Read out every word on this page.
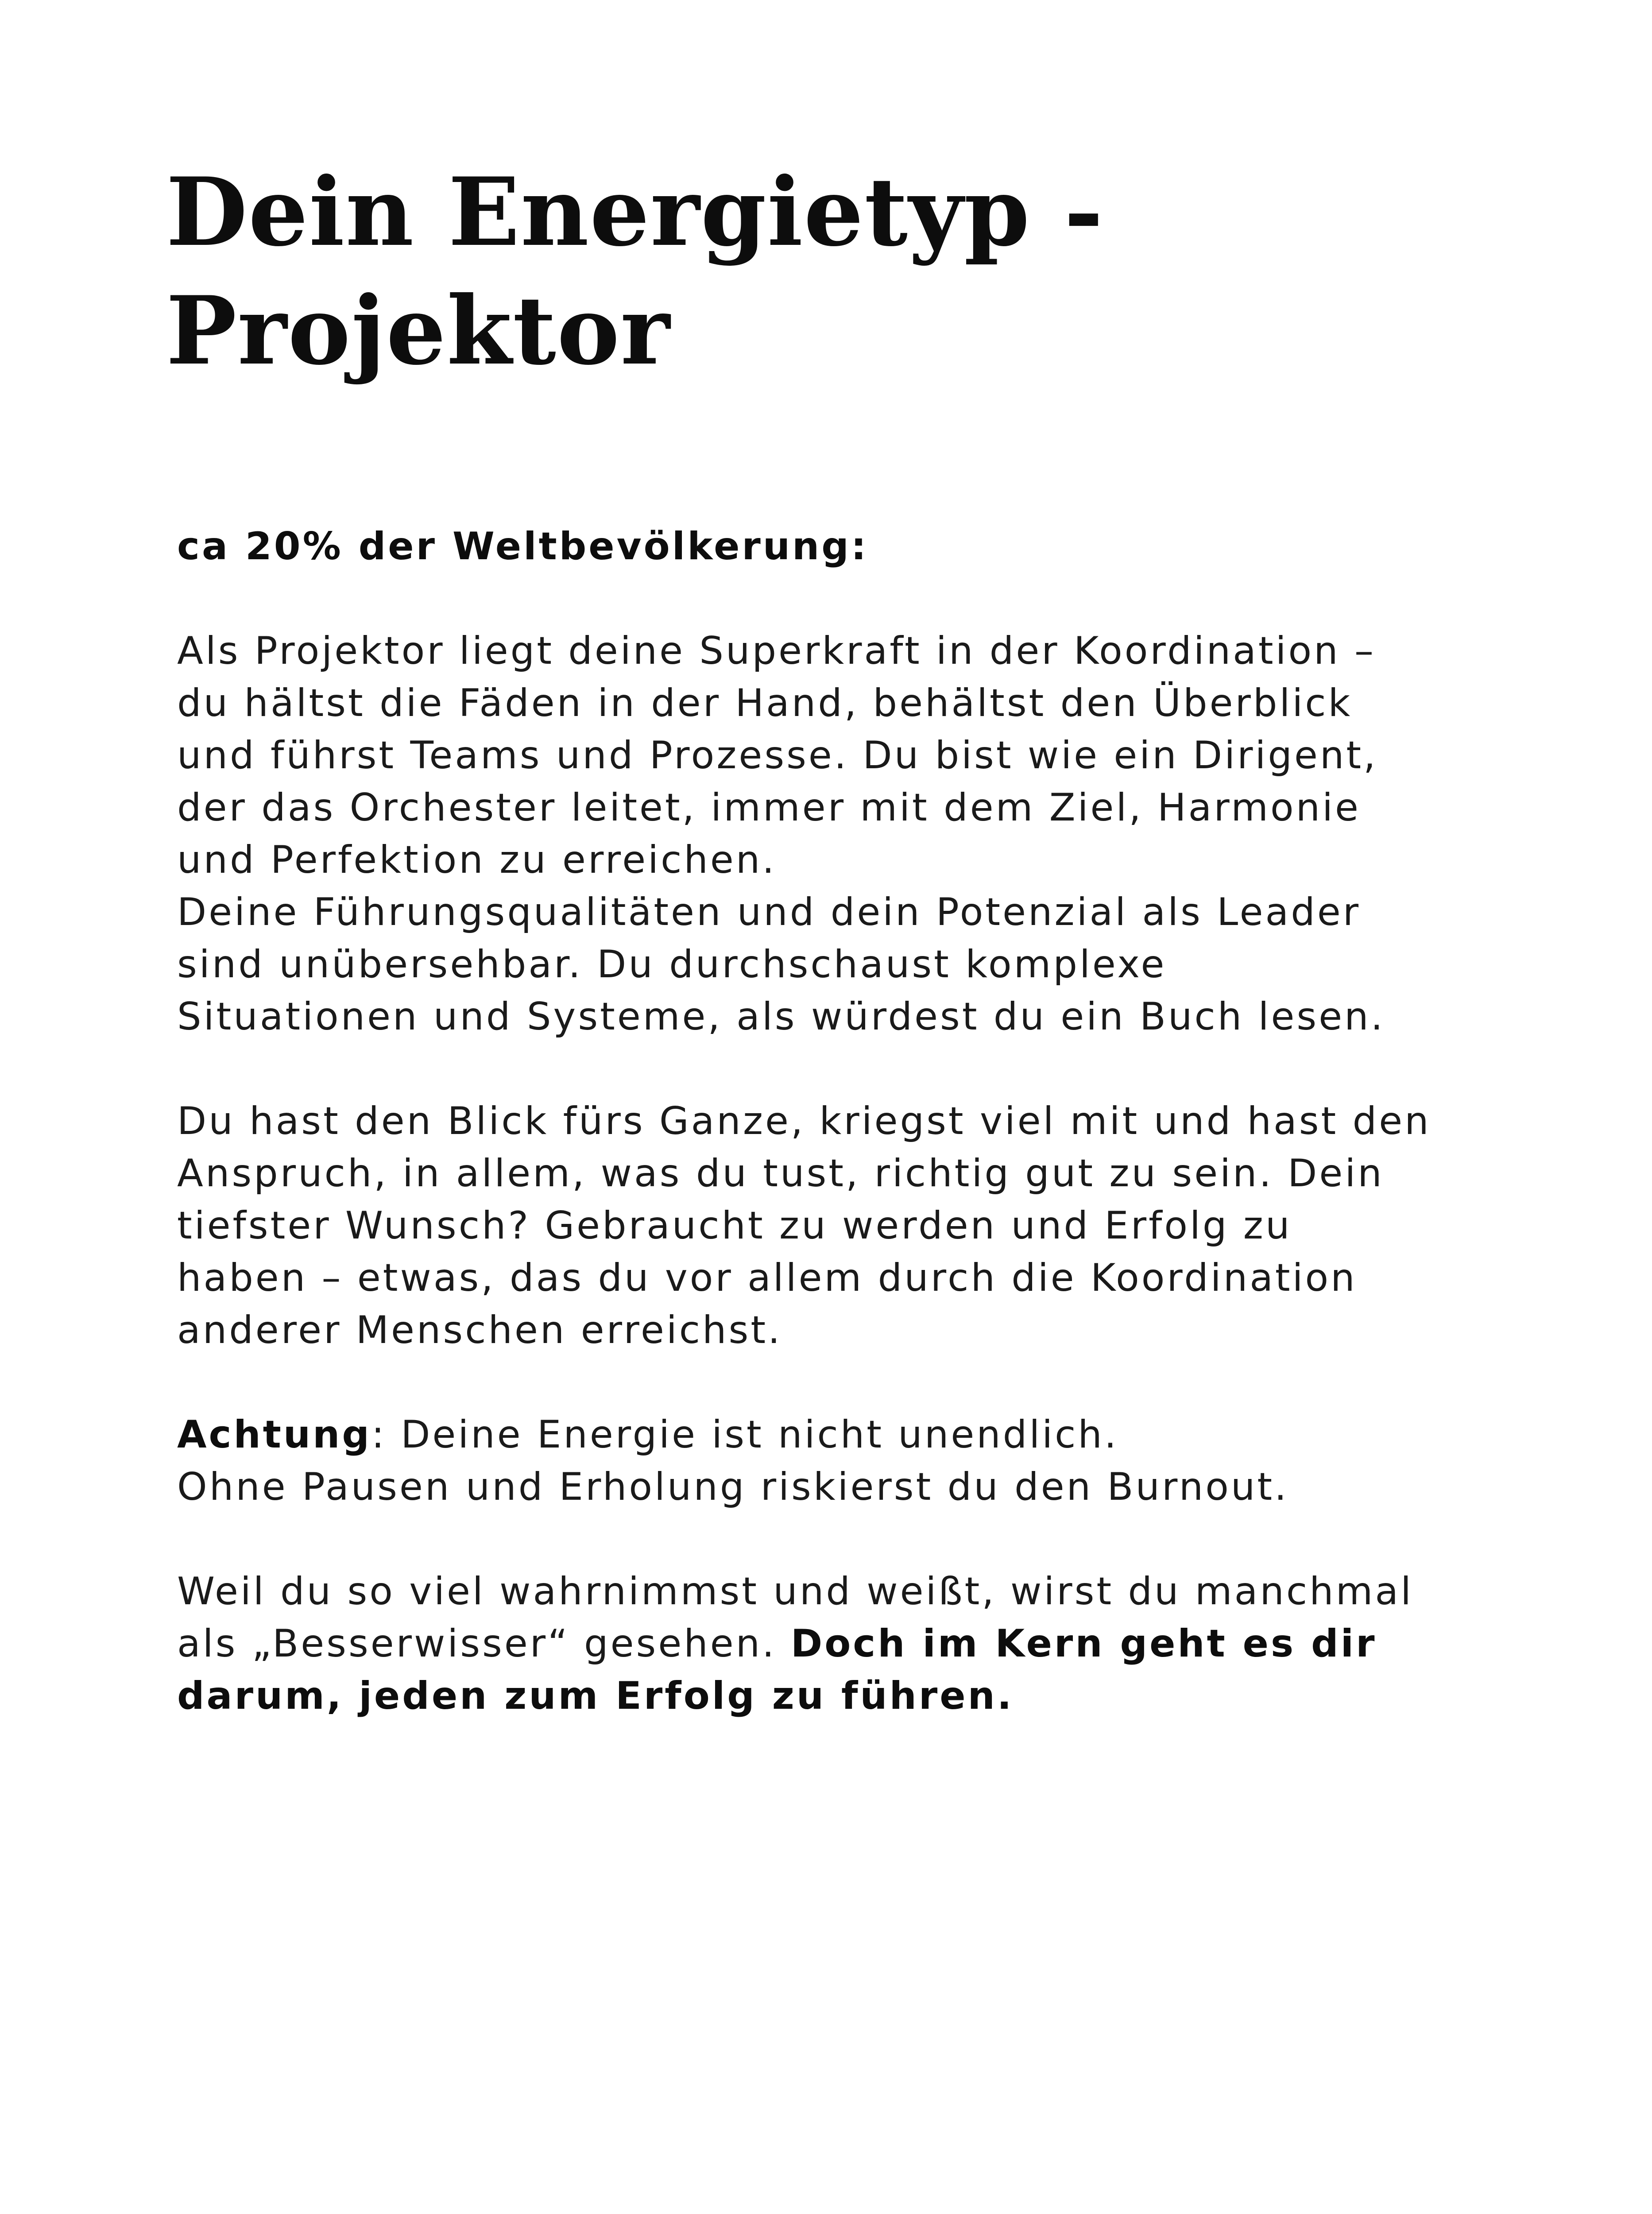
Dein Energietyp -
Projektor
ca 20% der Weltbevölkerung:
Als Projektor liegt deine Superkraft in der Koordination –
du hältst die Fäden in der Hand, behältst den Überblick
und führst Teams und Prozesse. Du bist wie ein Dirigent,
der das Orchester leitet, immer mit dem Ziel, Harmonie
und Perfektion zu erreichen.
Deine Führungsqualitäten und dein Potenzial als Leader
sind unübersehbar. Du durchschaust komplexe
Situationen und Systeme, als würdest du ein Buch lesen.
Du hast den Blick fürs Ganze, kriegst viel mit und hast den
Anspruch, in allem, was du tust, richtig gut zu sein. Dein
tiefster Wunsch? Gebraucht zu werden und Erfolg zu
haben – etwas, das du vor allem durch die Koordination
anderer Menschen erreichst.
Achtung: Deine Energie ist nicht unendlich.
Ohne Pausen und Erholung riskierst du den Burnout.
Weil du so viel wahrnimmst und weißt, wirst du manchmal
als „Besserwisser“ gesehen. Doch im Kern geht es dir
darum, jeden zum Erfolg zu führen.
